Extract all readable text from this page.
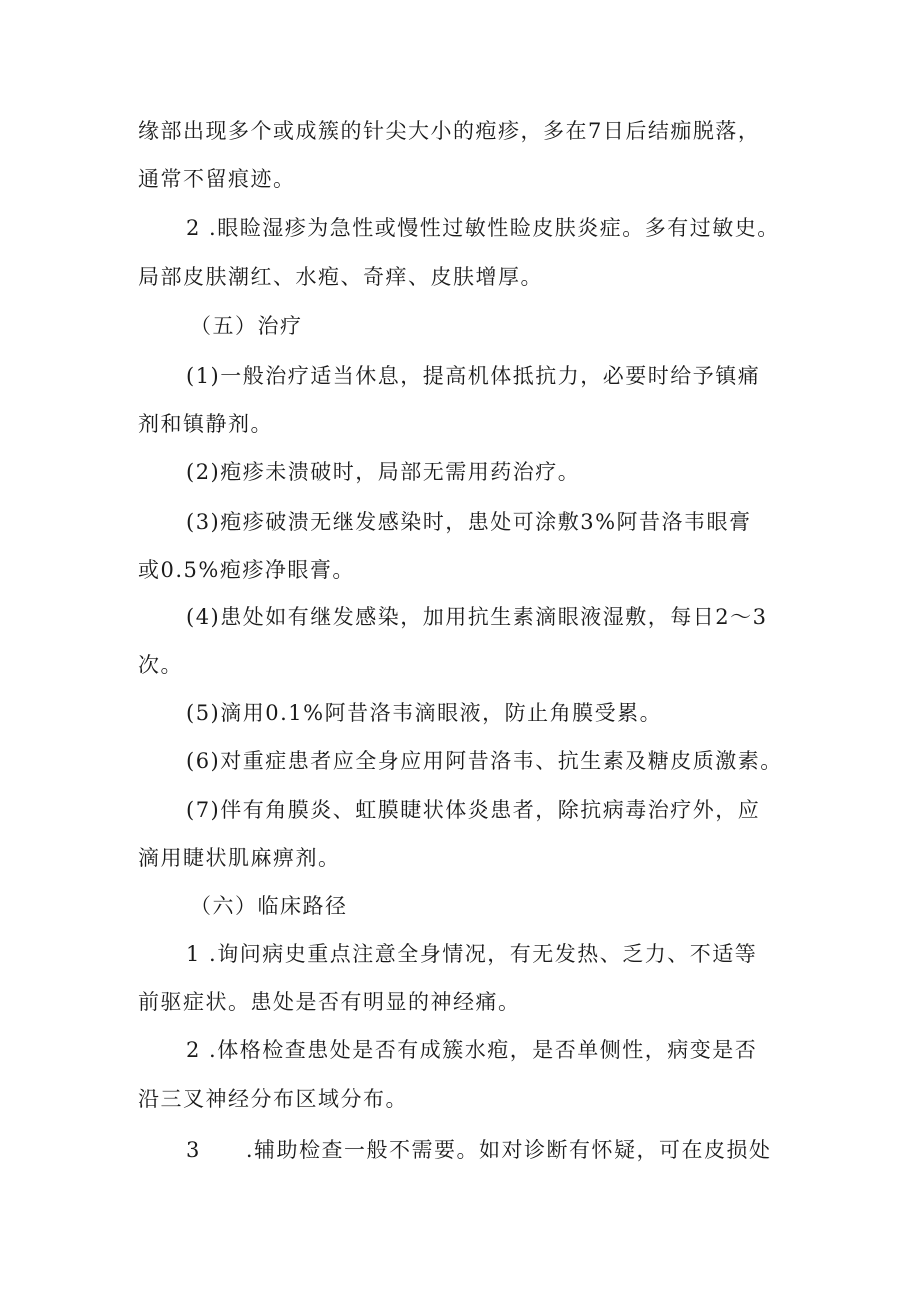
缘部出现多个或成簇的针尖大小的疱疹，多在7日后结痂脱落，
通常不留痕迹。
2 .眼睑湿疹为急性或慢性过敏性睑皮肤炎症。多有过敏史。
局部皮肤潮红、水疱、奇痒、皮肤增厚。
（五）治疗
(1)一般治疗适当休息，提高机体抵抗力，必要时给予镇痛
剂和镇静剂。
(2)疱疹未溃破时，局部无需用药治疗。
(3)疱疹破溃无继发感染时，患处可涂敷3%阿昔洛韦眼膏
或0.5%疱疹净眼膏。
(4)患处如有继发感染，加用抗生素滴眼液湿敷，每日2～3
次。
(5)滴用0.1%阿昔洛韦滴眼液，防止角膜受累。
(6)对重症患者应全身应用阿昔洛韦、抗生素及糖皮质激素。
(7)伴有角膜炎、虹膜睫状体炎患者，除抗病毒治疗外，应
滴用睫状肌麻痹剂。
（六）临床路径
1 .询问病史重点注意全身情况，有无发热、乏力、不适等
前驱症状。患处是否有明显的神经痛。
2 .体格检查患处是否有成簇水疱，是否单侧性，病变是否
沿三叉神经分布区域分布。
3　　.辅助检查一般不需要。如对诊断有怀疑，可在皮损处
